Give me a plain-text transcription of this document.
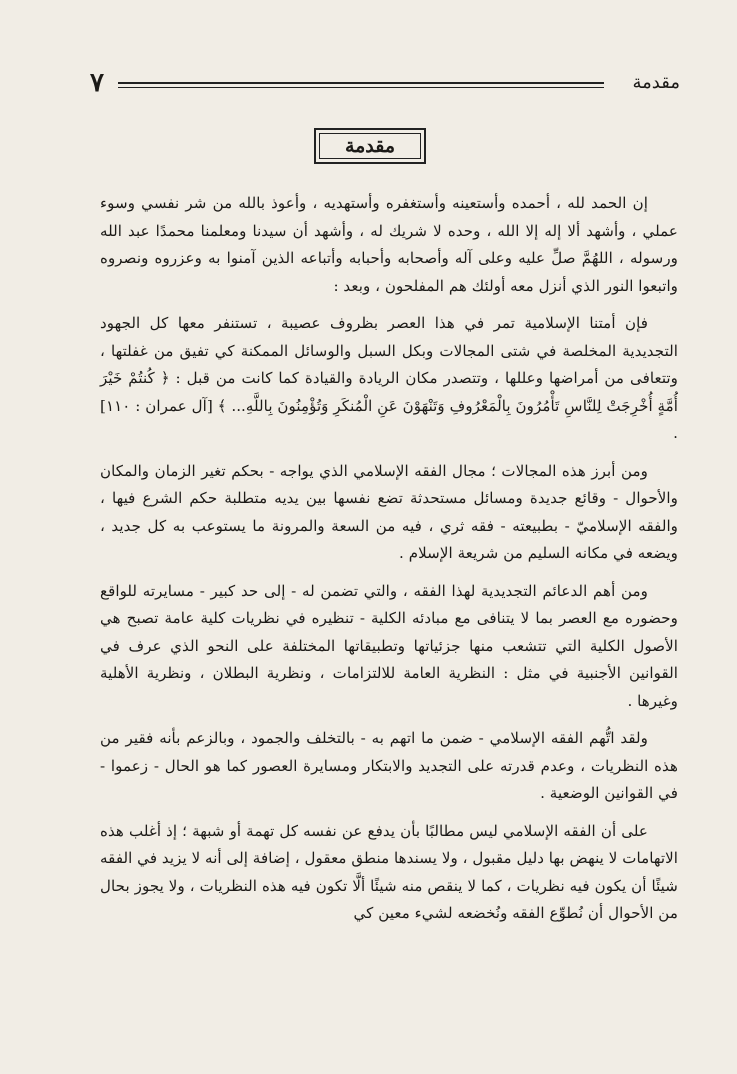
٧	مقدمة
مقدمة

إن الحمد لله ، أحمده وأستعينه وأستغفره وأستهديه ، وأعوذ بالله من شر نفسي وسوء عملي ، وأشهد ألا إله إلا الله ، وحده لا شريك له ، وأشهد أن سيدنا ومعلمنا محمدًا عبد الله ورسوله ، اللهُمَّ صلِّ عليه وعلى آله وأصحابه وأحبابه وأتباعه الذين آمنوا به وعزروه ونصروه واتبعوا النور الذي أنزل معه أولئك هم المفلحون ، وبعد :

فإن أمتنا الإسلامية تمر في هذا العصر بظروف عصيبة ، تستنفر معها كل الجهود التجديدية المخلصة في شتى المجالات وبكل السبل والوسائل الممكنة كي تفيق من غفلتها ، وتتعافى من أمراضها وعللها ، وتتصدر مكان الريادة والقيادة كما كانت من قبل : ﴿ كُنتُمْ خَيْرَ أُمَّةٍ أُخْرِجَتْ لِلنَّاسِ تَأْمُرُونَ بِالْمَعْرُوفِ وَتَنْهَوْنَ عَنِ الْمُنكَرِ وَتُؤْمِنُونَ بِاللَّهِ... ﴾ [آل عمران : ١١٠] .

ومن أبرز هذه المجالات ؛ مجال الفقه الإسلامي الذي يواجه - بحكم تغير الزمان والمكان والأحوال - وقائع جديدة ومسائل مستحدثة تضع نفسها بين يديه متطلبة حكم الشرع فيها ، والفقه الإسلاميّ - بطبيعته - فقه ثري ، فيه من السعة والمرونة ما يستوعب به كل جديد ، ويضعه في مكانه السليم من شريعة الإسلام .

ومن أهم الدعائم التجديدية لهذا الفقه ، والتي تضمن له - إلى حد كبير - مسايرته للواقع وحضوره مع العصر بما لا يتنافى مع مبادئه الكلية - تنظيره في نظريات كلية عامة تصبح هي الأصول الكلية التي تتشعب منها جزئياتها وتطبيقاتها المختلفة على النحو الذي عرف في القوانين الأجنبية في مثل : النظرية العامة للالتزامات ، ونظرية البطلان ، ونظرية الأهلية وغيرها .

ولقد اتُّهم الفقه الإسلامي - ضمن ما اتهم به - بالتخلف والجمود ، وبالزعم بأنه فقير من هذه النظريات ، وعدم قدرته على التجديد والابتكار ومسايرة العصور كما هو الحال - زعموا - في القوانين الوضعية .

على أن الفقه الإسلامي ليس مطالبًا بأن يدفع عن نفسه كل تهمة أو شبهة ؛ إذ أغلب هذه الاتهامات لا ينهض بها دليل مقبول ، ولا يسندها منطق معقول ، إضافة إلى أنه لا يزيد في الفقه شيئًا أن يكون فيه نظريات ، كما لا ينقص منه شيئًا ألَّا تكون فيه هذه النظريات ، ولا يجوز بحال من الأحوال أن نُطوِّع الفقه ونُخضعه لشيء معين كي
